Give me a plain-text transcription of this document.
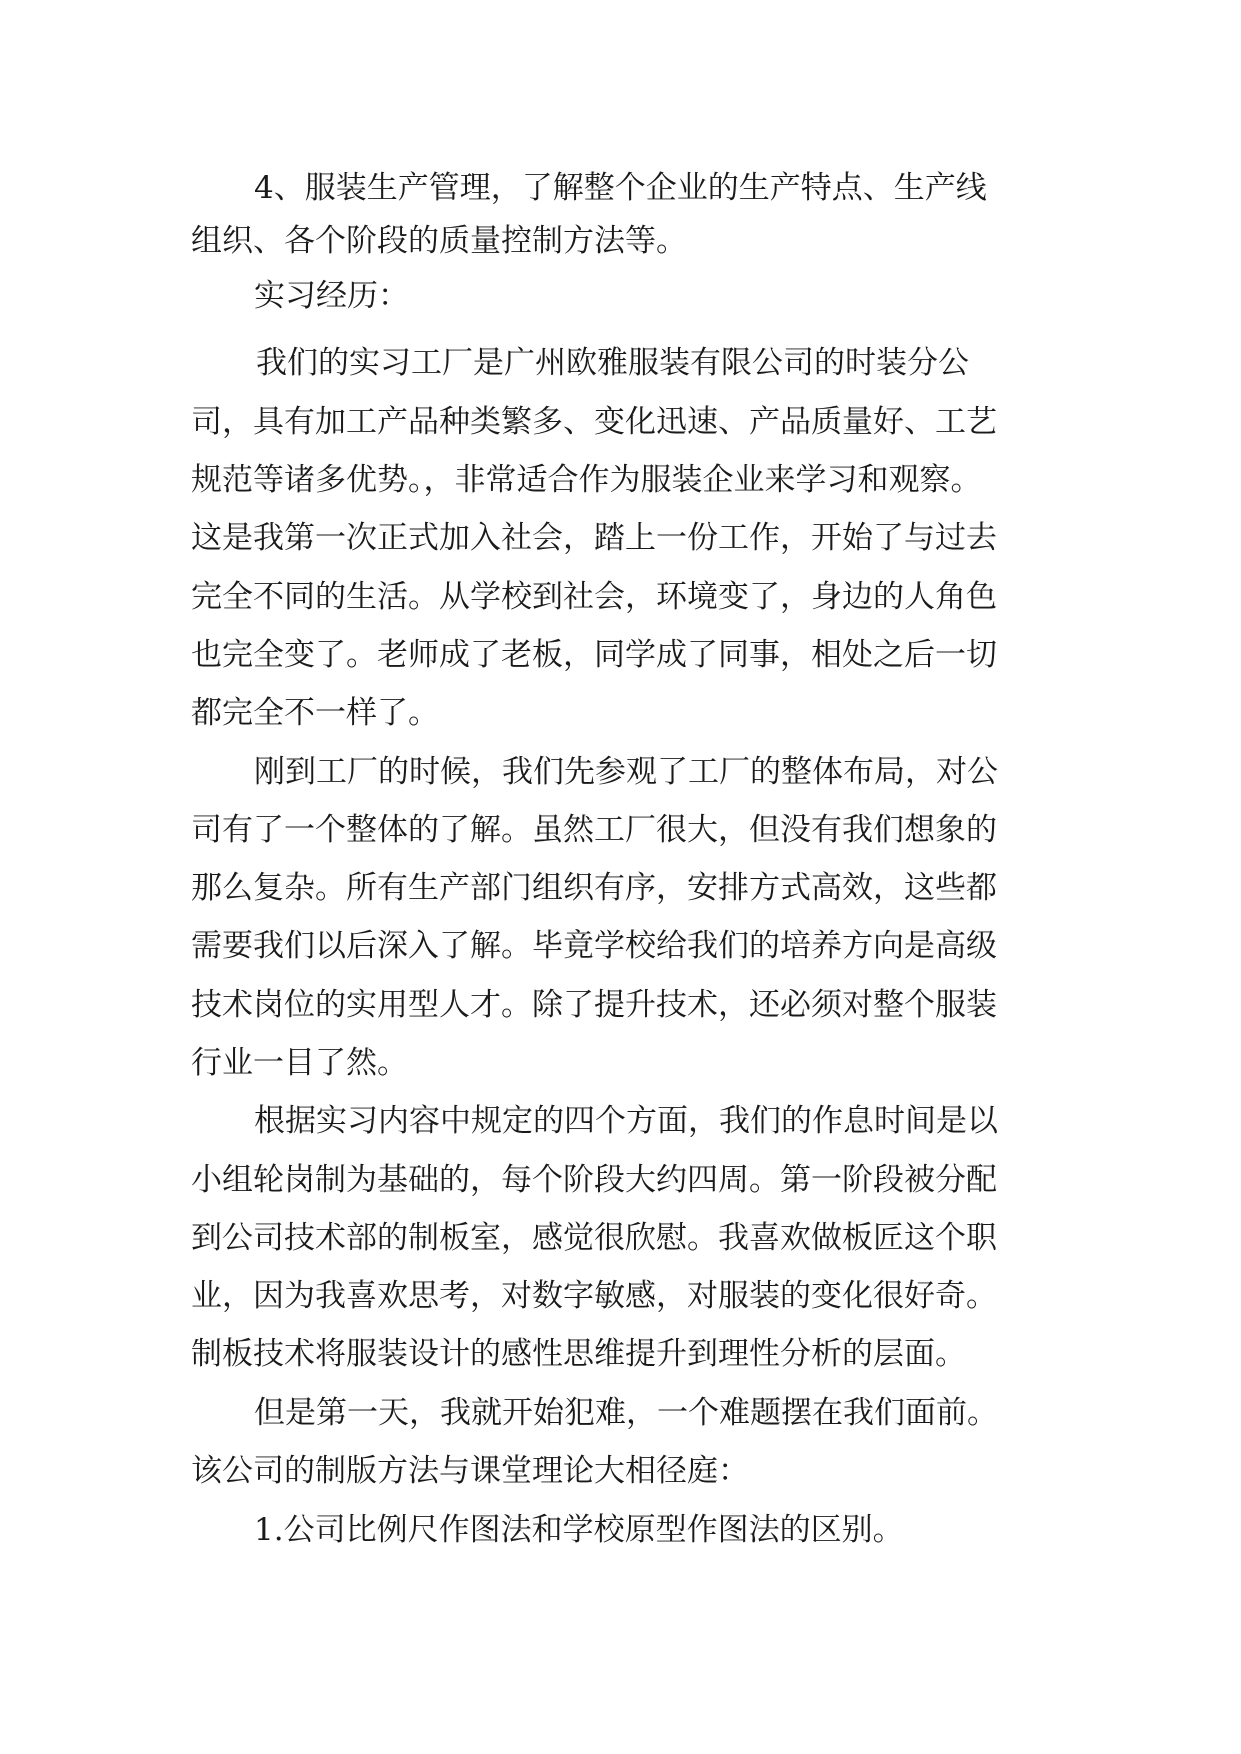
4、服装生产管理，了解整个企业的生产特点、生产线
组织、各个阶段的质量控制方法等。
实习经历：
我们的实习工厂是广州欧雅服装有限公司的时装分公
司，具有加工产品种类繁多、变化迅速、产品质量好、工艺
规范等诸多优势。，非常适合作为服装企业来学习和观察。
这是我第一次正式加入社会，踏上一份工作，开始了与过去
完全不同的生活。从学校到社会，环境变了，身边的人角色
也完全变了。老师成了老板，同学成了同事，相处之后一切
都完全不一样了。
刚到工厂的时候，我们先参观了工厂的整体布局，对公
司有了一个整体的了解。虽然工厂很大，但没有我们想象的
那么复杂。所有生产部门组织有序，安排方式高效，这些都
需要我们以后深入了解。毕竟学校给我们的培养方向是高级
技术岗位的实用型人才。除了提升技术，还必须对整个服装
行业一目了然。
根据实习内容中规定的四个方面，我们的作息时间是以
小组轮岗制为基础的，每个阶段大约四周。第一阶段被分配
到公司技术部的制板室，感觉很欣慰。我喜欢做板匠这个职
业，因为我喜欢思考，对数字敏感，对服装的变化很好奇。
制板技术将服装设计的感性思维提升到理性分析的层面。
但是第一天，我就开始犯难，一个难题摆在我们面前。
该公司的制版方法与课堂理论大相径庭：
1.公司比例尺作图法和学校原型作图法的区别。
